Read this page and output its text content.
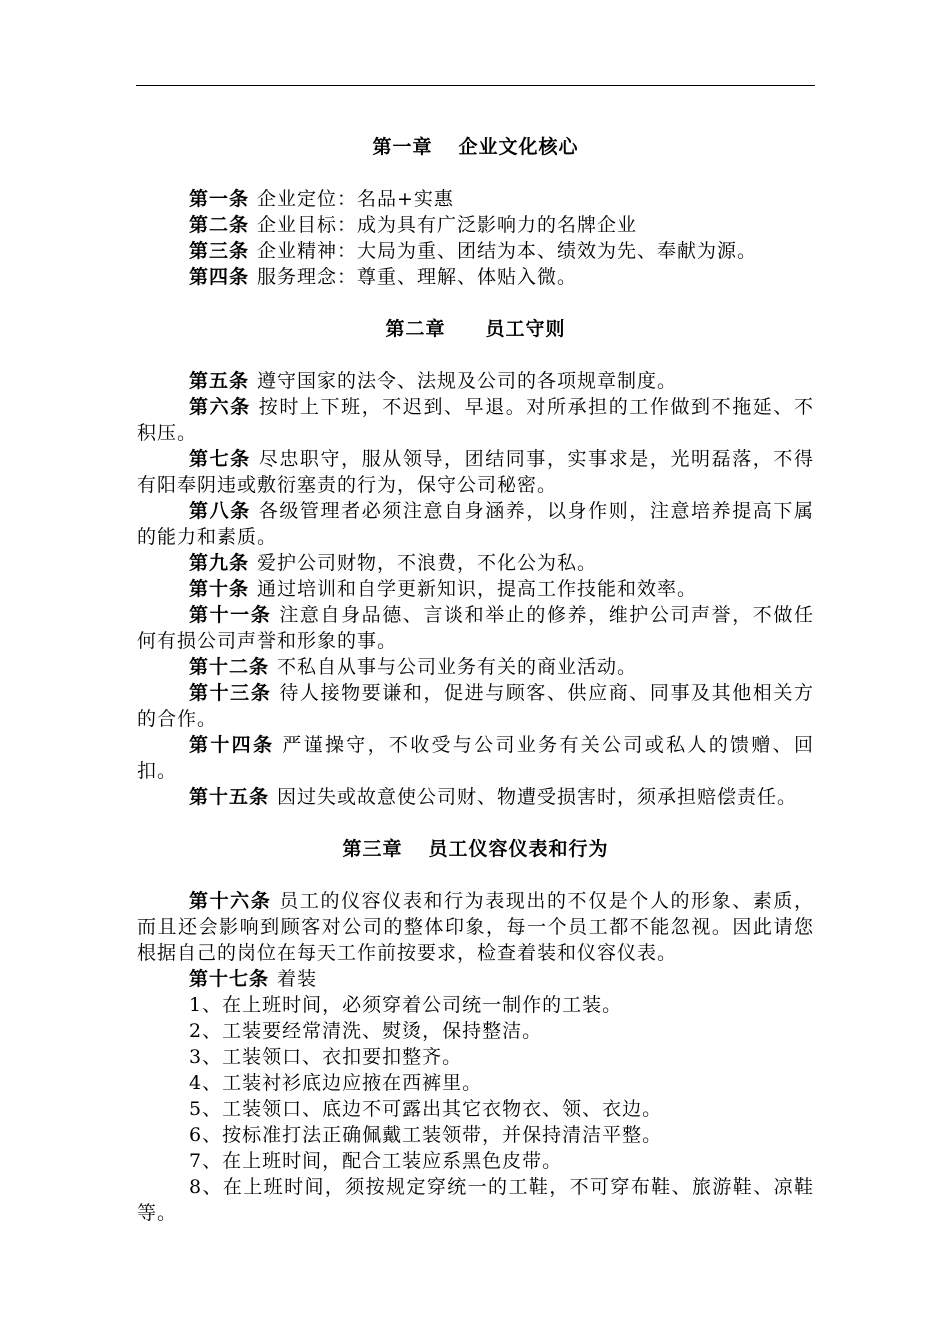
第一章 企业文化核心

第一条 企业定位：名品+实惠

第二条 企业目标：成为具有广泛影响力的名牌企业

第三条 企业精神：大局为重、团结为本、绩效为先、奉献为源。

第四条 服务理念：尊重、理解、体贴入微。

第二章 员工守则

第五条 遵守国家的法令、法规及公司的各项规章制度。

第六条 按时上下班，不迟到、早退。对所承担的工作做到不拖延、不积压。

第七条 尽忠职守，服从领导，团结同事，实事求是，光明磊落，不得有阳奉阴违或敷衍塞责的行为，保守公司秘密。

第八条 各级管理者必须注意自身涵养，以身作则，注意培养提高下属的能力和素质。

第九条 爱护公司财物，不浪费，不化公为私。

第十条 通过培训和自学更新知识，提高工作技能和效率。

第十一条 注意自身品德、言谈和举止的修养，维护公司声誉，不做任何有损公司声誉和形象的事。

第十二条 不私自从事与公司业务有关的商业活动。

第十三条 待人接物要谦和，促进与顾客、供应商、同事及其他相关方的合作。

第十四条 严谨操守，不收受与公司业务有关公司或私人的馈赠、回扣。

第十五条 因过失或故意使公司财、物遭受损害时，须承担赔偿责任。

第三章 员工仪容仪表和行为

第十六条 员工的仪容仪表和行为表现出的不仅是个人的形象、素质，而且还会影响到顾客对公司的整体印象，每一个员工都不能忽视。因此请您根据自己的岗位在每天工作前按要求，检查着装和仪容仪表。

第十七条 着装

1、在上班时间，必须穿着公司统一制作的工装。

2、工装要经常清洗、熨烫，保持整洁。

3、工装领口、衣扣要扣整齐。

4、工装衬衫底边应掖在西裤里。

5、工装领口、底边不可露出其它衣物衣、领、衣边。

6、按标准打法正确佩戴工装领带，并保持清洁平整。

7、在上班时间，配合工装应系黑色皮带。

8、在上班时间，须按规定穿统一的工鞋，不可穿布鞋、旅游鞋、凉鞋等。
